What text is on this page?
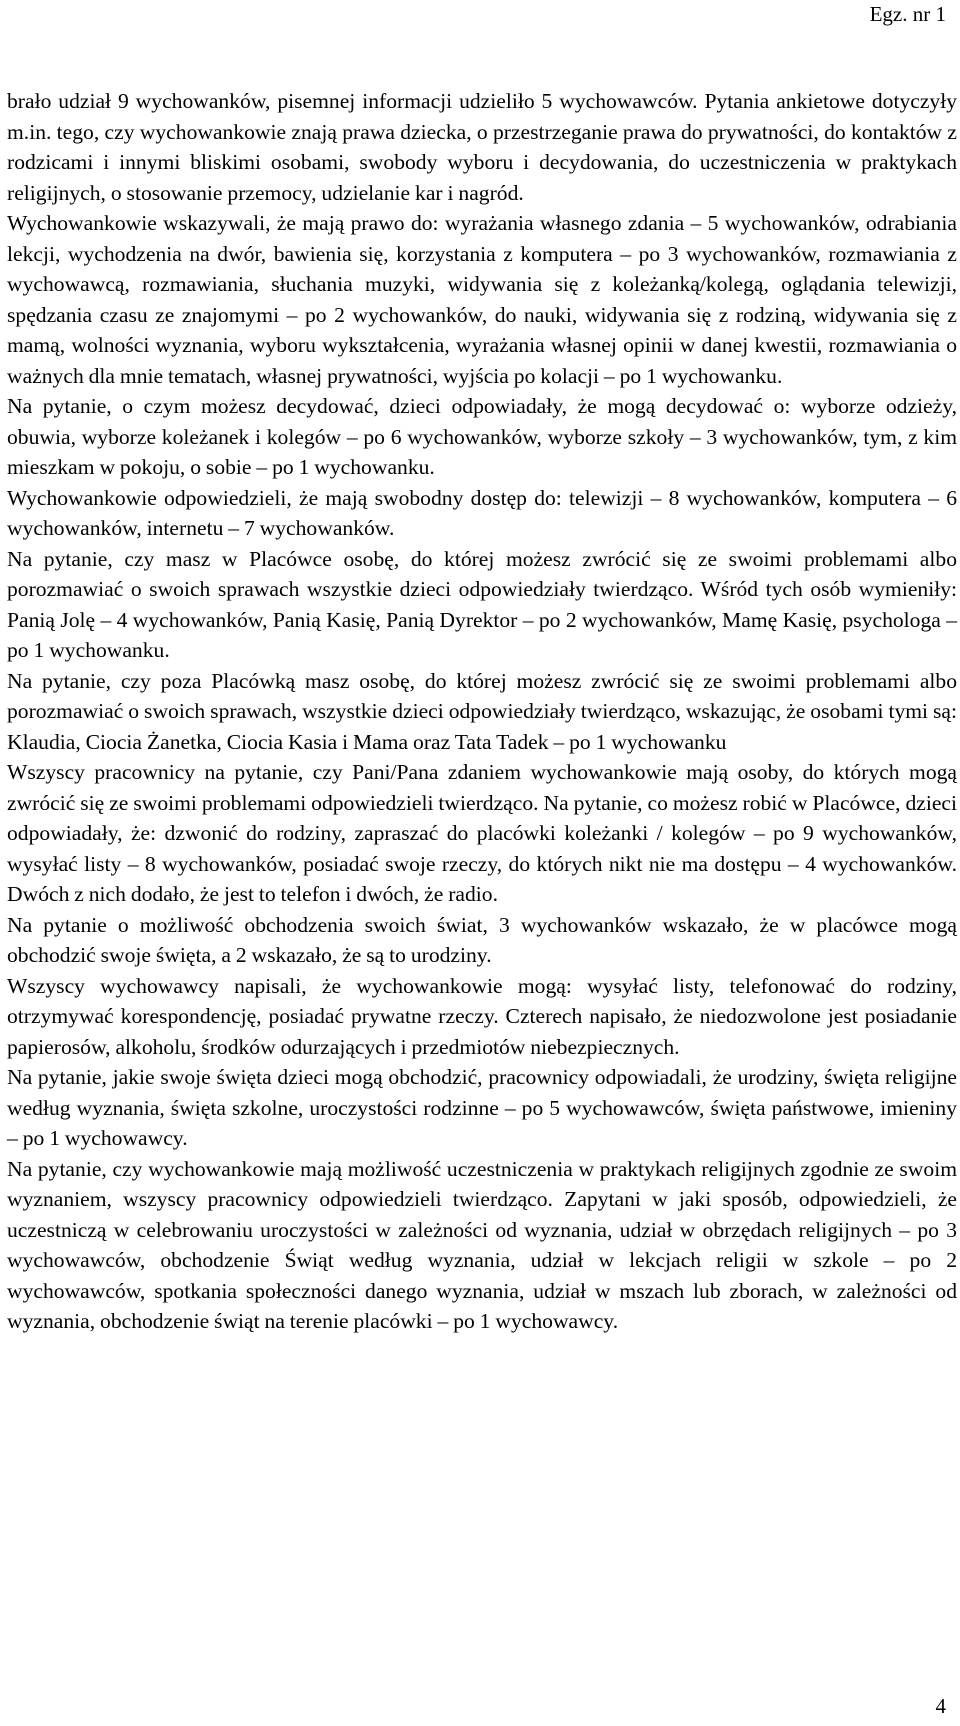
Egz. nr 1

brało udział 9 wychowanków, pisemnej informacji udzieliło 5 wychowawców. Pytania ankietowe dotyczyły m.in. tego, czy wychowankowie znają prawa dziecka, o przestrzeganie prawa do prywatności, do kontaktów z rodzicami i innymi bliskimi osobami, swobody wyboru i decydowania, do uczestniczenia w praktykach religijnych, o stosowanie przemocy, udzielanie kar i nagród.

Wychowankowie wskazywali, że mają prawo do: wyrażania własnego zdania – 5 wychowanków, odrabiania lekcji, wychodzenia na dwór, bawienia się, korzystania z komputera – po 3 wychowanków, rozmawiania z wychowawcą, rozmawiania, słuchania muzyki, widywania się z koleżanką/kolegą, oglądania telewizji, spędzania czasu ze znajomymi – po 2 wychowanków, do nauki, widywania się z rodziną, widywania się z mamą, wolności wyznania, wyboru wykształcenia, wyrażania własnej opinii w danej kwestii, rozmawiania o ważnych dla mnie tematach, własnej prywatności, wyjścia po kolacji – po 1 wychowanku.

Na pytanie, o czym możesz decydować, dzieci odpowiadały, że mogą decydować o: wyborze odzieży, obuwia, wyborze koleżanek i kolegów – po 6 wychowanków, wyborze szkoły – 3 wychowanków, tym, z kim mieszkam w pokoju, o sobie – po 1 wychowanku.

Wychowankowie odpowiedzieli, że mają swobodny dostęp do: telewizji – 8 wychowanków, komputera – 6 wychowanków, internetu – 7 wychowanków.

Na pytanie, czy masz w Placówce osobę, do której możesz zwrócić się ze swoimi problemami albo porozmawiać o swoich sprawach wszystkie dzieci odpowiedziały twierdząco. Wśród tych osób wymieniły: Panią Jolę – 4 wychowanków, Panią Kasię, Panią Dyrektor – po 2 wychowanków, Mamę Kasię, psychologa – po 1 wychowanku.

Na pytanie, czy poza Placówką masz osobę, do której możesz zwrócić się ze swoimi problemami albo porozmawiać o swoich sprawach, wszystkie dzieci odpowiedziały twierdząco, wskazując, że osobami tymi są: Klaudia, Ciocia Żanetka, Ciocia Kasia i Mama oraz Tata Tadek – po 1 wychowanku

Wszyscy pracownicy na pytanie, czy Pani/Pana zdaniem wychowankowie mają osoby, do których mogą zwrócić się ze swoimi problemami odpowiedzieli twierdząco. Na pytanie, co możesz robić w Placówce, dzieci odpowiadały, że: dzwonić do rodziny, zapraszać do placówki koleżanki / kolegów – po 9 wychowanków, wysyłać listy – 8 wychowanków, posiadać swoje rzeczy, do których nikt nie ma dostępu – 4 wychowanków. Dwóch z nich dodało, że jest to telefon i dwóch, że radio.

Na pytanie o możliwość obchodzenia swoich świat, 3 wychowanków wskazało, że w placówce mogą obchodzić swoje święta, a 2 wskazało, że są to urodziny.

Wszyscy wychowawcy napisali, że wychowankowie mogą: wysyłać listy, telefonować do rodziny, otrzymywać korespondencję, posiadać prywatne rzeczy. Czterech napisało, że niedozwolone jest posiadanie papierosów, alkoholu, środków odurzających i przedmiotów niebezpiecznych.

Na pytanie, jakie swoje święta dzieci mogą obchodzić, pracownicy odpowiadali, że urodziny, święta religijne według wyznania, święta szkolne, uroczystości rodzinne – po 5 wychowawców, święta państwowe, imieniny – po 1 wychowawcy.

Na pytanie, czy wychowankowie mają możliwość uczestniczenia w praktykach religijnych zgodnie ze swoim wyznaniem, wszyscy pracownicy odpowiedzieli twierdząco. Zapytani w jaki sposób, odpowiedzieli, że uczestniczą w celebrowaniu uroczystości w zależności od wyznania, udział w obrzędach religijnych – po 3 wychowawców, obchodzenie Świąt według wyznania, udział w lekcjach religii w szkole – po 2 wychowawców, spotkania społeczności danego wyznania, udział w mszach lub zborach, w zależności od wyznania, obchodzenie świąt na terenie placówki – po 1 wychowawcy.

4
